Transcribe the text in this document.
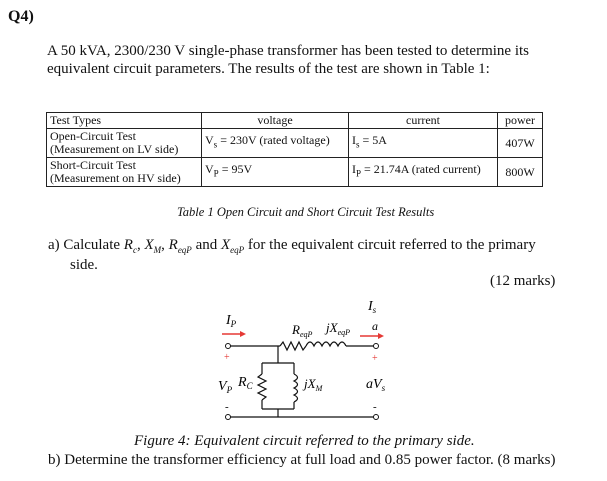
Q4)
A 50 kVA, 2300/230 V single-phase transformer has been tested to determine its equivalent circuit parameters. The results of the test are shown in Table 1:
Test Types	voltage	current	power

Open-Circuit Test
(Measurement on LV side)	$V_s = 230V$ (rated voltage)	$I_s = 5A$	407W

Short-Circuit Test
(Measurement on HV side)	$V_P = 95V$	$I_P = 21.74A$ (rated current)	800W
Table 1 Open Circuit and Short Circuit Test Results
a) Calculate $R_c$, $X_M$, $R_{eqP}$ and $X_{eqP}$ for the equivalent circuit referred to the primary
side.
(12 marks)
$I_P$
+
-
$R_{eqP}$ $jX_{eqP}$
$I_s$
a
+
-
$V_P$ $R_C$	$jX_M$	$aV_s$
Figure 4: Equivalent circuit referred to the primary side.
b) Determine the transformer efficiency at full load and 0.85 power factor. (8 marks)
